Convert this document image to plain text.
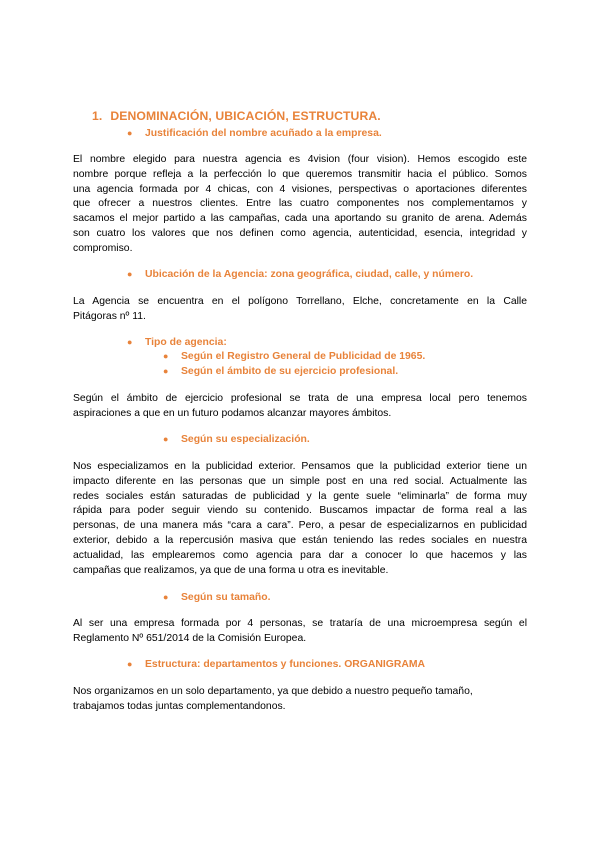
1. DENOMINACIÓN, UBICACIÓN, ESTRUCTURA.
● Justificación del nombre acuñado a la empresa.
El nombre elegido para nuestra agencia es 4vision (four vision). Hemos escogido este
nombre porque refleja a la perfección lo que queremos transmitir hacia el público. Somos
una agencia formada por 4 chicas, con 4 visiones, perspectivas o aportaciones diferentes
que ofrecer a nuestros clientes. Entre las cuatro componentes nos complementamos y
sacamos el mejor partido a las campañas, cada una aportando su granito de arena. Además
son cuatro los valores que nos definen como agencia, autenticidad, esencia, integridad y
compromiso.
● Ubicación de la Agencia: zona geográfica, ciudad, calle, y número.
La Agencia se encuentra en el polígono Torrellano, Elche, concretamente en la Calle
Pitágoras nº 11.
● Tipo de agencia:
● Según el Registro General de Publicidad de 1965.
● Según el ámbito de su ejercicio profesional.
Según el ámbito de ejercicio profesional se trata de una empresa local pero tenemos
aspiraciones a que en un futuro podamos alcanzar mayores ámbitos.
● Según su especialización.
Nos especializamos en la publicidad exterior. Pensamos que la publicidad exterior tiene un
impacto diferente en las personas que un simple post en una red social. Actualmente las
redes sociales están saturadas de publicidad y la gente suele “eliminarla” de forma muy
rápida para poder seguir viendo su contenido. Buscamos impactar de forma real a las
personas, de una manera más “cara a cara”. Pero, a pesar de especializarnos en publicidad
exterior, debido a la repercusión masiva que están teniendo las redes sociales en nuestra
actualidad, las emplearemos como agencia para dar a conocer lo que hacemos y las
campañas que realizamos, ya que de una forma u otra es inevitable.
● Según su tamaño.
Al ser una empresa formada por 4 personas, se trataría de una microempresa según el
Reglamento Nº 651/2014 de la Comisión Europea.
● Estructura: departamentos y funciones. ORGANIGRAMA
Nos organizamos en un solo departamento, ya que debido a nuestro pequeño tamaño,
trabajamos todas juntas complementandonos.
